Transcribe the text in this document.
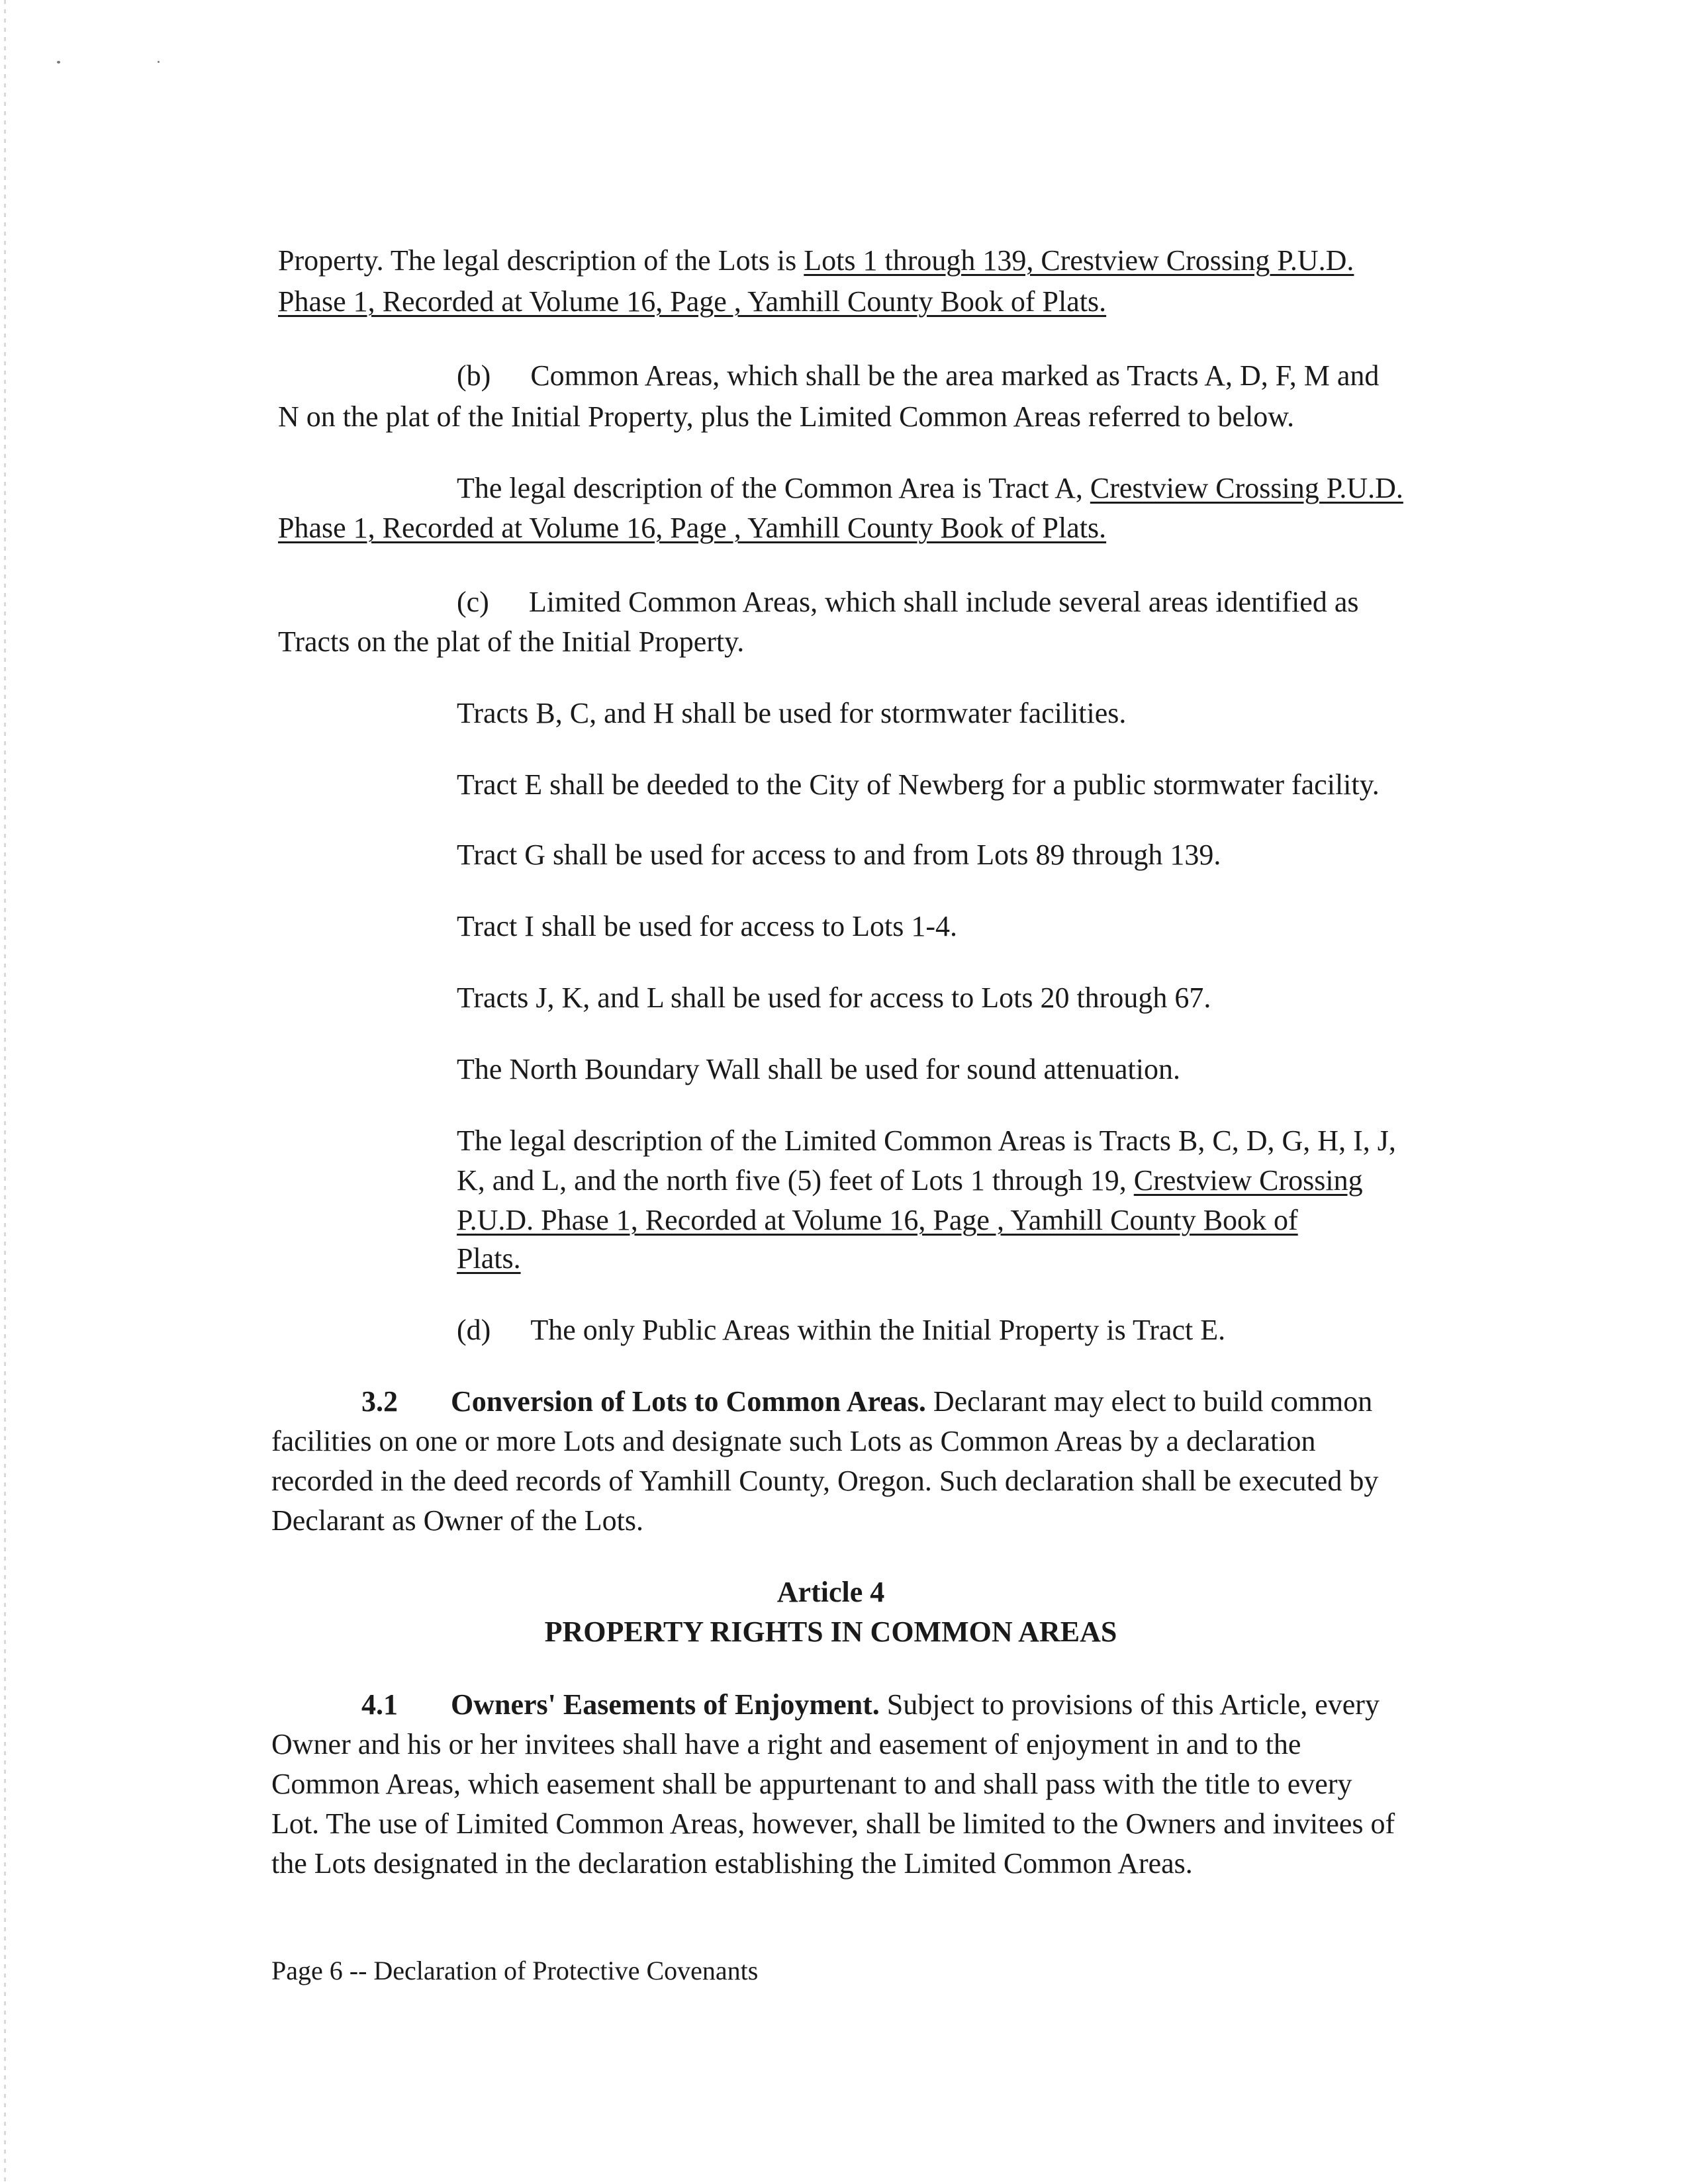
Property. The legal description of the Lots is Lots 1 through 139, Crestview Crossing P.U.D.
Phase 1, Recorded at Volume 16, Page , Yamhill County Book of Plats.
(b) Common Areas, which shall be the area marked as Tracts A, D, F, M and
N on the plat of the Initial Property, plus the Limited Common Areas referred to below.
The legal description of the Common Area is Tract A, Crestview Crossing P.U.D.
Phase 1, Recorded at Volume 16, Page , Yamhill County Book of Plats.
(c) Limited Common Areas, which shall include several areas identified as
Tracts on the plat of the Initial Property.
Tracts B, C, and H shall be used for stormwater facilities.
Tract E shall be deeded to the City of Newberg for a public stormwater facility.
Tract G shall be used for access to and from Lots 89 through 139.
Tract I shall be used for access to Lots 1-4.
Tracts J, K, and L shall be used for access to Lots 20 through 67.
The North Boundary Wall shall be used for sound attenuation.
The legal description of the Limited Common Areas is Tracts B, C, D, G, H, I, J,
K, and L, and the north five (5) feet of Lots 1 through 19, Crestview Crossing
P.U.D. Phase 1, Recorded at Volume 16, Page , Yamhill County Book of
Plats.
(d) The only Public Areas within the Initial Property is Tract E.
3.2 Conversion of Lots to Common Areas. Declarant may elect to build common
facilities on one or more Lots and designate such Lots as Common Areas by a declaration
recorded in the deed records of Yamhill County, Oregon. Such declaration shall be executed by
Declarant as Owner of the Lots.
Article 4
PROPERTY RIGHTS IN COMMON AREAS
4.1 Owners' Easements of Enjoyment. Subject to provisions of this Article, every
Owner and his or her invitees shall have a right and easement of enjoyment in and to the
Common Areas, which easement shall be appurtenant to and shall pass with the title to every
Lot. The use of Limited Common Areas, however, shall be limited to the Owners and invitees of
the Lots designated in the declaration establishing the Limited Common Areas.
Page 6 -- Declaration of Protective Covenants
